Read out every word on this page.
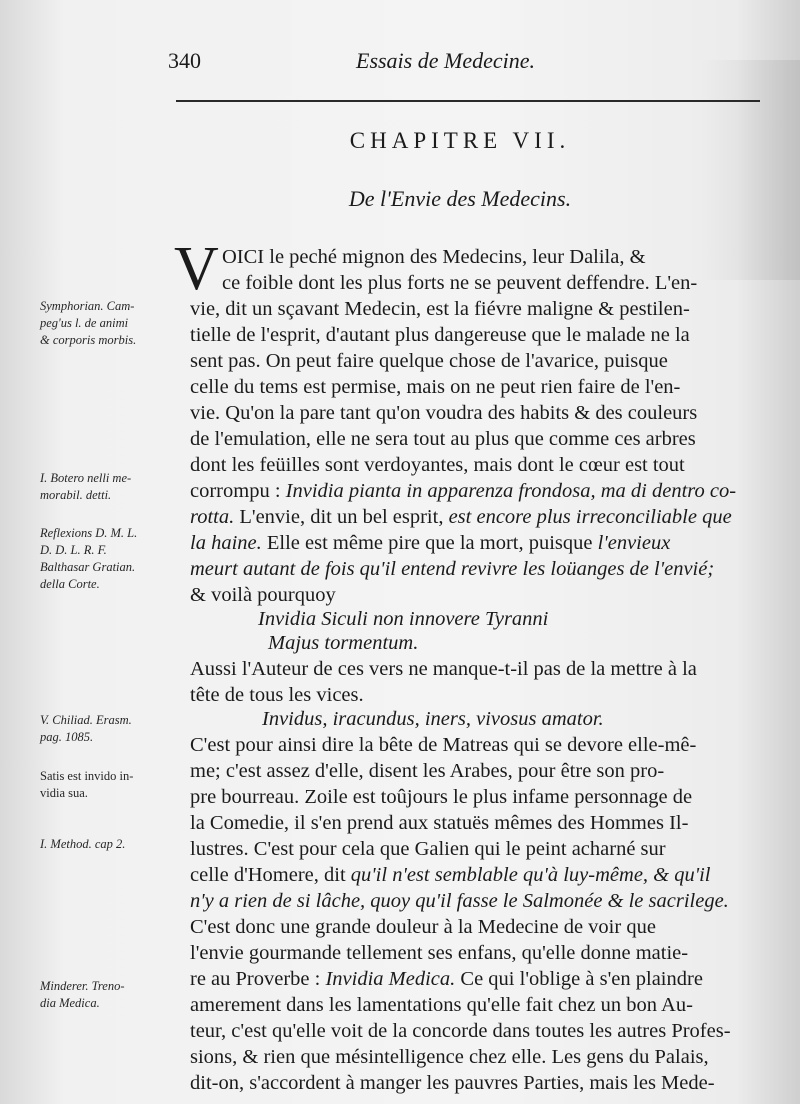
340	Essais de Medecine.
CHAPITRE VII.
De l'Envie des Medecins.
V OICI le peché mignon des Medecins, leur Dalila, &
ce foible dont les plus forts ne se peuvent deffendre. L'en-
vie, dit un sçavant Medecin, est la fiévre maligne & pestilen-
tielle de l'esprit, d'autant plus dangereuse que le malade ne la
sent pas. On peut faire quelque chose de l'avarice, puisque
celle du tems est permise, mais on ne peut rien faire de l'en-
vie. Qu'on la pare tant qu'on voudra des habits & des couleurs
de l'emulation, elle ne sera tout au plus que comme ces arbres
dont les feüilles sont verdoyantes, mais dont le cœur est tout
corrompu : Invidia pianta in apparenza frondosa, ma di dentro co-
rotta. L'envie, dit un bel esprit, est encore plus irreconciliable que
la haine. Elle est même pire que la mort, puisque l'envieux
meurt autant de fois qu'il entend revivre les loüanges de l'envié;
& voilà pourquoy
Invidia Siculi non innovere Tyranni
Majus tormentum.
Aussi l'Auteur de ces vers ne manque-t-il pas de la mettre à la
tête de tous les vices.
Invidus, iracundus, iners, vivosus amator.
C'est pour ainsi dire la bête de Matreas qui se devore elle-mê-
me; c'est assez d'elle, disent les Arabes, pour être son pro-
pre bourreau. Zoile est toûjours le plus infame personnage de
la Comedie, il s'en prend aux statuës mêmes des Hommes Il-
lustres. C'est pour cela que Galien qui le peint acharné sur
celle d'Homere, dit qu'il n'est semblable qu'à luy-même, & qu'il
n'y a rien de si lâche, quoy qu'il fasse le Salmonée & le sacrilege.
C'est donc une grande douleur à la Medecine de voir que
l'envie gourmande tellement ses enfans, qu'elle donne matie-
re au Proverbe : Invidia Medica. Ce qui l'oblige à s'en plaindre
amerement dans les lamentations qu'elle fait chez un bon Au-
teur, c'est qu'elle voit de la concorde dans toutes les autres Profes-
sions, & rien que mésintelligence chez elle. Les gens du Palais,
dit-on, s'accordent à manger les pauvres Parties, mais les Mede-
Symphorian. Cam-
peg'us l. de animi
& corporis morbis.
I. Botero nelli me-
morabil. detti.
Reflexions D. M. L.
D. D. L. R. F.
Balthasar Gratian.
della Corte.
V. Chiliad. Erasm.
pag. 1085.
Satis est invido in-
vidia sua.
I. Method. cap 2.
Minderer. Treno-
dia Medica.
